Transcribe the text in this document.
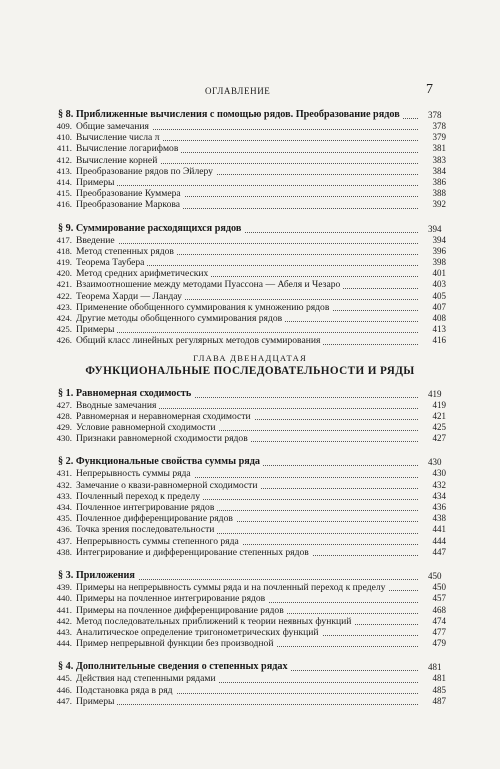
ОГЛАВЛЕНИЕ	7
§ 8. Приближенные вычисления с помощью рядов. Преобразование рядов	378
409. Общие замечания	378
410. Вычисление числа π	379
411. Вычисление логарифмов	381
412. Вычисление корней	383
413. Преобразование рядов по Эйлеру	384
414. Примеры	386
415. Преобразование Куммера	388
416. Преобразование Маркова	392
§ 9. Суммирование расходящихся рядов	394
417. Введение	394
418. Метод степенных рядов	396
419. Теорема Таубера	398
420. Метод средних арифметических	401
421. Взаимоотношение между методами Пуассона — Абеля и Чезаро	403
422. Теорема Харди — Ландау	405
423. Применение обобщенного суммирования к умножению рядов	407
424. Другие методы обобщенного суммирования рядов	408
425. Примеры	413
426. Общий класс линейных регулярных методов суммирования	416
ГЛАВА ДВЕНАДЦАТАЯ
ФУНКЦИОНАЛЬНЫЕ ПОСЛЕДОВАТЕЛЬНОСТИ И РЯДЫ
§ 1. Равномерная сходимость	419
427. Вводные замечания	419
428. Равномерная и неравномерная сходимости	421
429. Условие равномерной сходимости	425
430. Признаки равномерной сходимости рядов	427
§ 2. Функциональные свойства суммы ряда	430
431. Непрерывность суммы ряда	430
432. Замечание о квази-равномерной сходимости	432
433. Почленный переход к пределу	434
434. Почленное интегрирование рядов	436
435. Почленное дифференцирование рядов	438
436. Точка зрения последовательности	441
437. Непрерывность суммы степенного ряда	444
438. Интегрирование и дифференцирование степенных рядов	447
§ 3. Приложения	450
439. Примеры на непрерывность суммы ряда и на почленный переход к пределу	450
440. Примеры на почленное интегрирование рядов	457
441. Примеры на почленное дифференцирование рядов	468
442. Метод последовательных приближений к теории неявных функций	474
443. Аналитическое определение тригонометрических функций	477
444. Пример непрерывной функции без производной	479
§ 4. Дополнительные сведения о степенных рядах	481
445. Действия над степенными рядами	481
446. Подстановка ряда в ряд	485
447. Примеры	487
